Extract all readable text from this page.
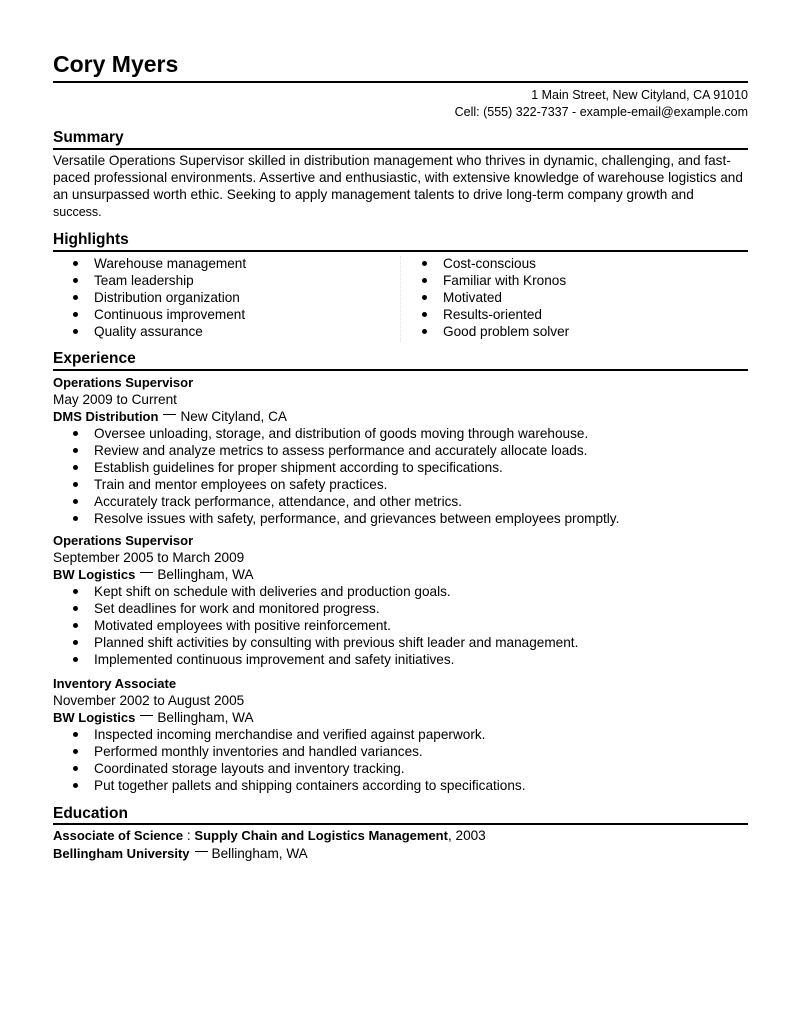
Cory Myers
1 Main Street, New Cityland, CA 91010
Cell: (555) 322-7337 - example-email@example.com
Summary
Versatile Operations Supervisor skilled in distribution management who thrives in dynamic, challenging, and fast-
paced professional environments. Assertive and enthusiastic, with extensive knowledge of warehouse logistics and
an unsurpassed worth ethic. Seeking to apply management talents to drive long-term company growth and
success.
Highlights
Warehouse management
Team leadership
Distribution organization
Continuous improvement
Quality assurance
Cost-conscious
Familiar with Kronos
Motivated
Results-oriented
Good problem solver
Experience
Operations Supervisor
May 2009 to Current
DMS Distribution New Cityland, CA
Oversee unloading, storage, and distribution of goods moving through warehouse.
Review and analyze metrics to assess performance and accurately allocate loads.
Establish guidelines for proper shipment according to specifications.
Train and mentor employees on safety practices.
Accurately track performance, attendance, and other metrics.
Resolve issues with safety, performance, and grievances between employees promptly.
Operations Supervisor
September 2005 to March 2009
BW Logistics Bellingham, WA
Kept shift on schedule with deliveries and production goals.
Set deadlines for work and monitored progress.
Motivated employees with positive reinforcement.
Planned shift activities by consulting with previous shift leader and management.
Implemented continuous improvement and safety initiatives.
Inventory Associate
November 2002 to August 2005
BW Logistics Bellingham, WA
Inspected incoming merchandise and verified against paperwork.
Performed monthly inventories and handled variances.
Coordinated storage layouts and inventory tracking.
Put together pallets and shipping containers according to specifications.
Education
Associate of Science : Supply Chain and Logistics Management, 2003
Bellingham University Bellingham, WA
